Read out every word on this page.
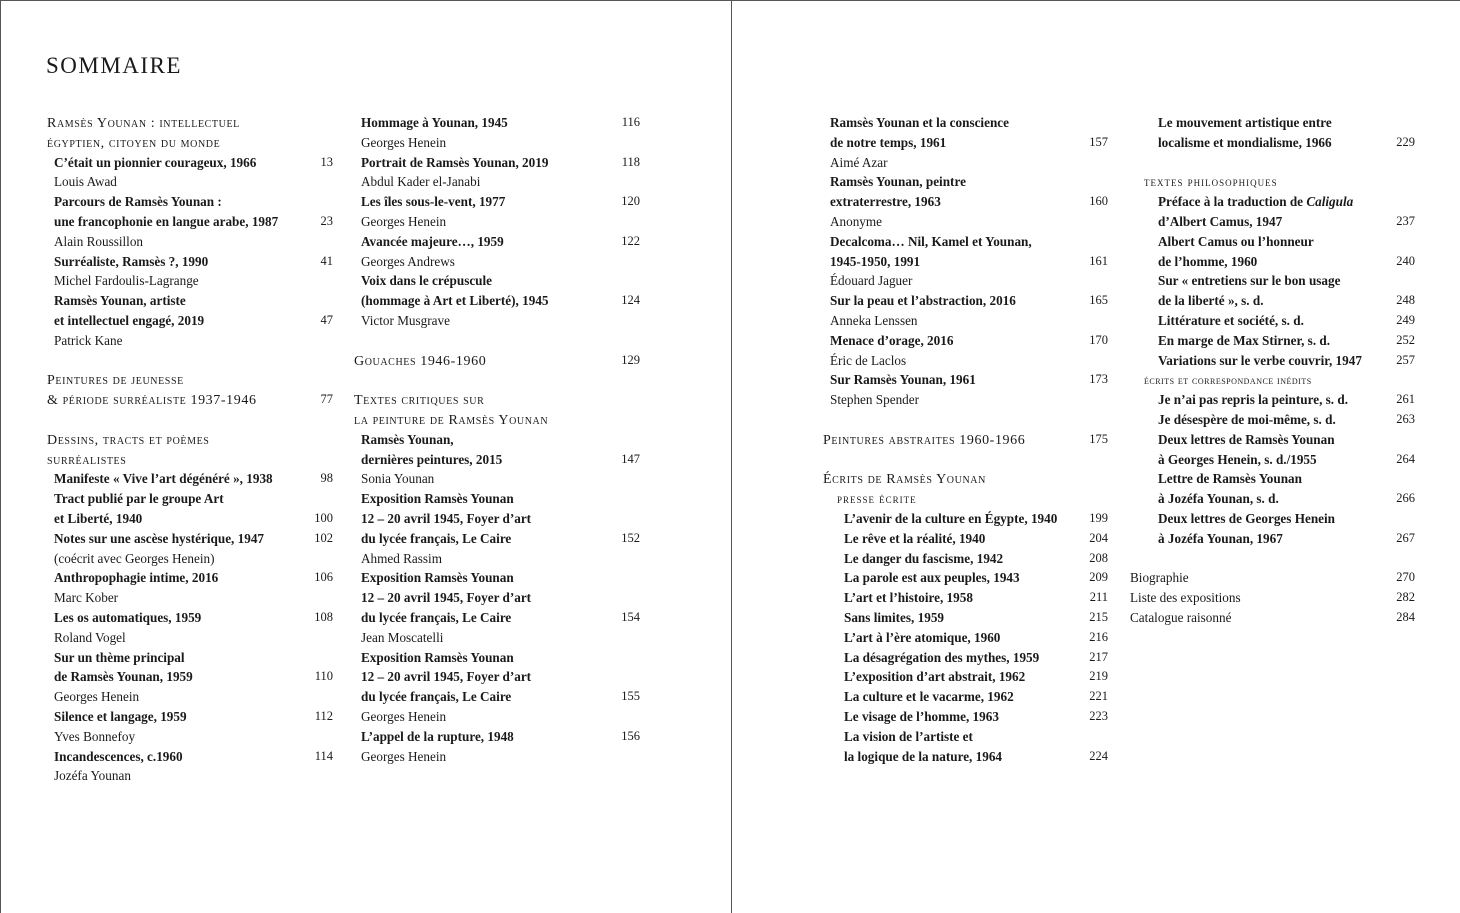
SOMMAIRE
Ramsès Younan : intellectuel
égyptien, citoyen du monde
C’était un pionnier courageux, 1966	13
Louis Awad
Parcours de Ramsès Younan :
une francophonie en langue arabe, 1987	23
Alain Roussillon
Surréaliste, Ramsès ?, 1990	41
Michel Fardoulis-Lagrange
Ramsès Younan, artiste
et intellectuel engagé, 2019	47
Patrick Kane
Peintures de jeunesse
& période surréaliste 1937-1946	77
Dessins, tracts et poèmes
surréalistes
Manifeste « Vive l’art dégénéré », 1938	98
Tract publié par le groupe Art
et Liberté, 1940	100
Notes sur une ascèse hystérique, 1947	102
(coécrit avec Georges Henein)
Anthropophagie intime, 2016	106
Marc Kober
Les os automatiques, 1959	108
Roland Vogel
Sur un thème principal
de Ramsès Younan, 1959	110
Georges Henein
Silence et langage, 1959	112
Yves Bonnefoy
Incandescences, c.1960	114
Jozéfa Younan
Hommage à Younan, 1945	116
Georges Henein
Portrait de Ramsès Younan, 2019	118
Abdul Kader el-Janabi
Les îles sous-le-vent, 1977	120
Georges Henein
Avancée majeure…, 1959	122
Georges Andrews
Voix dans le crépuscule
(hommage à Art et Liberté), 1945	124
Victor Musgrave
Gouaches 1946-1960	129
Textes critiques sur
la peinture de Ramsès Younan
Ramsès Younan,
dernières peintures, 2015	147
Sonia Younan
Exposition Ramsès Younan
12 – 20 avril 1945, Foyer d’art
du lycée français, Le Caire	152
Ahmed Rassim
Exposition Ramsès Younan
12 – 20 avril 1945, Foyer d’art
du lycée français, Le Caire	154
Jean Moscatelli
Exposition Ramsès Younan
12 – 20 avril 1945, Foyer d’art
du lycée français, Le Caire	155
Georges Henein
L’appel de la rupture, 1948	156
Georges Henein
Ramsès Younan et la conscience
de notre temps, 1961	157
Aimé Azar
Ramsès Younan, peintre
extraterrestre, 1963	160
Anonyme
Decalcoma… Nil, Kamel et Younan,
1945-1950, 1991	161
Édouard Jaguer
Sur la peau et l’abstraction, 2016	165
Anneka Lenssen
Menace d’orage, 2016	170
Éric de Laclos
Sur Ramsès Younan, 1961	173
Stephen Spender
Peintures abstraites 1960-1966	175
Écrits de Ramsès Younan
presse écrite
L’avenir de la culture en Égypte, 1940	199
Le rêve et la réalité, 1940	204
Le danger du fascisme, 1942	208
La parole est aux peuples, 1943	209
L’art et l’histoire, 1958	211
Sans limites, 1959	215
L’art à l’ère atomique, 1960	216
La désagrégation des mythes, 1959	217
L’exposition d’art abstrait, 1962	219
La culture et le vacarme, 1962	221
Le visage de l’homme, 1963	223
La vision de l’artiste et
la logique de la nature, 1964	224
Le mouvement artistique entre
localisme et mondialisme, 1966	229
textes philosophiques
Préface à la traduction de Caligula
d’Albert Camus, 1947	237
Albert Camus ou l’honneur
de l’homme, 1960	240
Sur « entretiens sur le bon usage
de la liberté », s. d.	248
Littérature et société, s. d.	249
En marge de Max Stirner, s. d.	252
Variations sur le verbe couvrir, 1947	257
écrits et correspondance inédits
Je n’ai pas repris la peinture, s. d.	261
Je désespère de moi-même, s. d.	263
Deux lettres de Ramsès Younan
à Georges Henein, s. d./1955	264
Lettre de Ramsès Younan
à Jozéfa Younan, s. d.	266
Deux lettres de Georges Henein
à Jozéfa Younan, 1967	267
Biographie	270
Liste des expositions	282
Catalogue raisonné	284
